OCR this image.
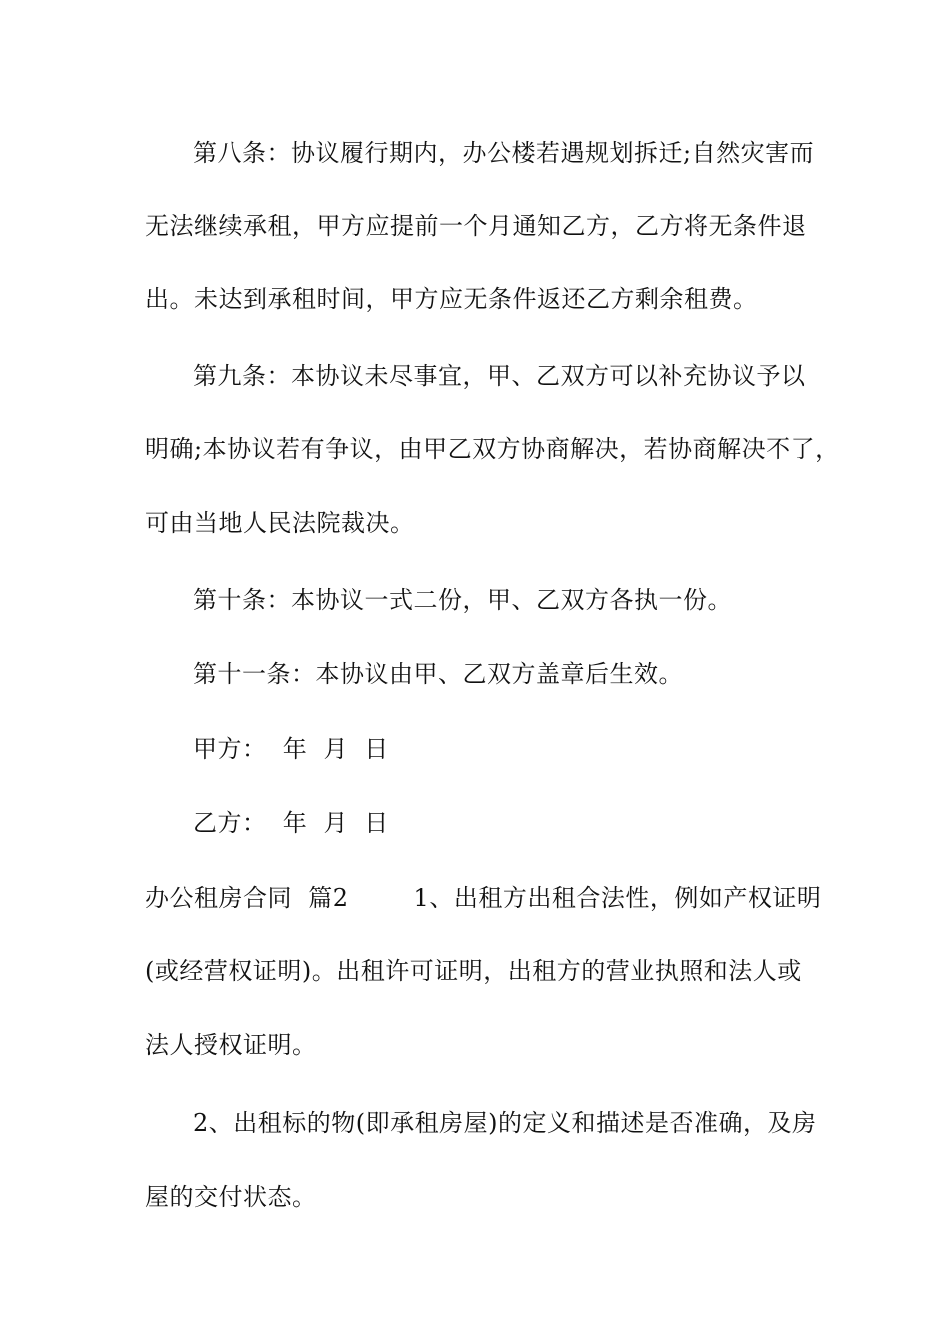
第八条：协议履行期内，办公楼若遇规划拆迁;自然灾害而
无法继续承租，甲方应提前一个月通知乙方，乙方将无条件退
出。未达到承租时间，甲方应无条件返还乙方剩余租费。
第九条：本协议未尽事宜，甲、乙双方可以补充协议予以
明确;本协议若有争议，由甲乙双方协商解决，若协商解决不了，
可由当地人民法院裁决。
第十条：本协议一式二份，甲、乙双方各执一份。
第十一条：本协议由甲、乙双方盖章后生效。
甲方：  年  月  日
乙方：  年  月  日
办公租房合同  篇2        1、出租方出租合法性，例如产权证明
(或经营权证明)。出租许可证明，出租方的营业执照和法人或
法人授权证明。
2、出租标的物(即承租房屋)的定义和描述是否准确，及房
屋的交付状态。
